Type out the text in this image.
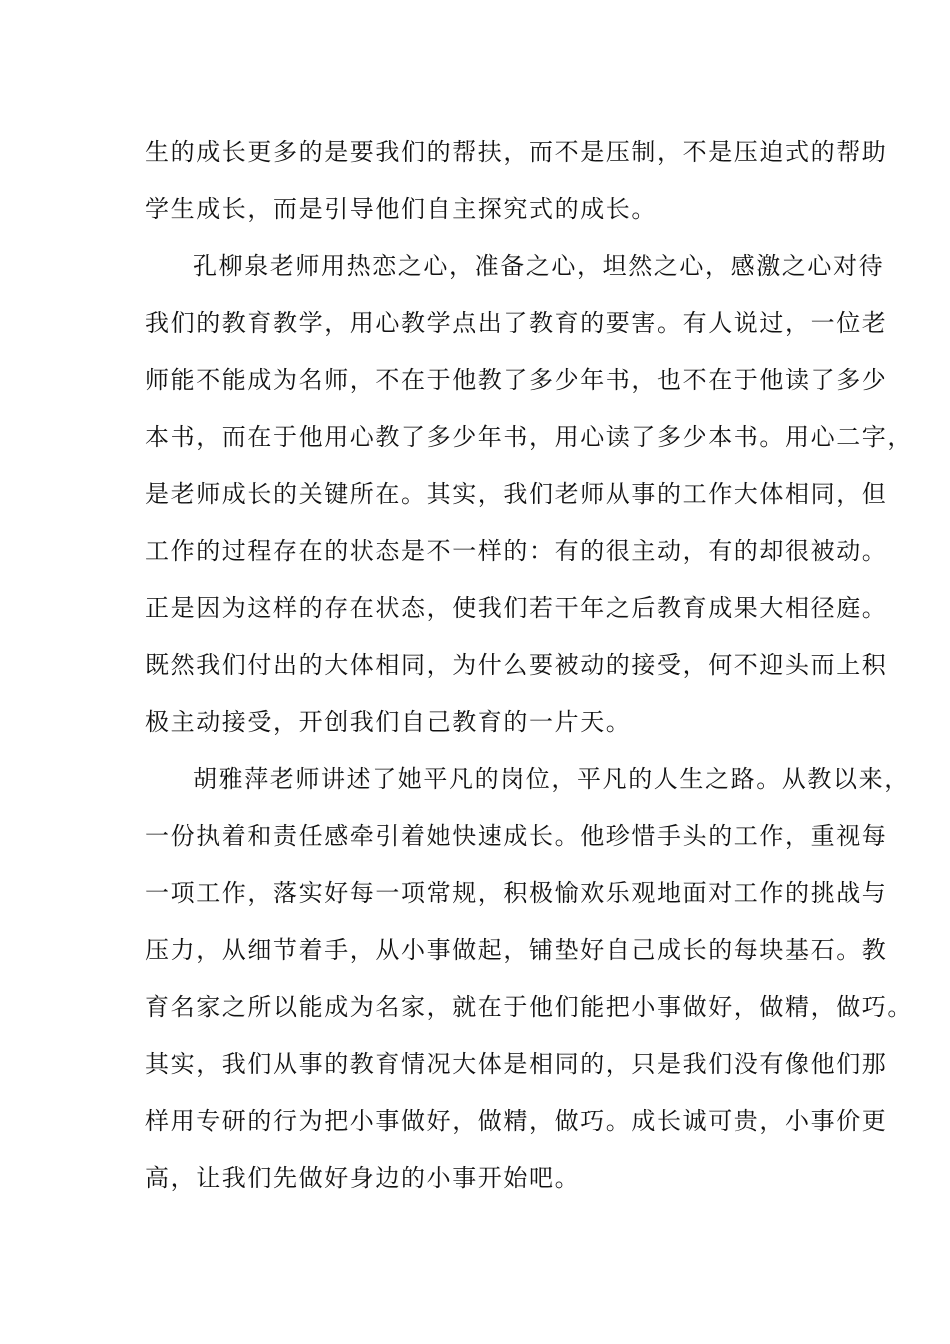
生的成长更多的是要我们的帮扶，而不是压制，不是压迫式的帮助
学生成长，而是引导他们自主探究式的成长。
孔柳泉老师用热恋之心，准备之心，坦然之心，感激之心对待
我们的教育教学，用心教学点出了教育的要害。有人说过，一位老
师能不能成为名师，不在于他教了多少年书，也不在于他读了多少
本书，而在于他用心教了多少年书，用心读了多少本书。用心二字，
是老师成长的关键所在。其实，我们老师从事的工作大体相同，但
工作的过程存在的状态是不一样的：有的很主动，有的却很被动。
正是因为这样的存在状态，使我们若干年之后教育成果大相径庭。
既然我们付出的大体相同，为什么要被动的接受，何不迎头而上积
极主动接受，开创我们自己教育的一片天。
胡雅萍老师讲述了她平凡的岗位，平凡的人生之路。从教以来，
一份执着和责任感牵引着她快速成长。他珍惜手头的工作，重视每
一项工作，落实好每一项常规，积极愉欢乐观地面对工作的挑战与
压力，从细节着手，从小事做起，铺垫好自己成长的每块基石。教
育名家之所以能成为名家，就在于他们能把小事做好，做精，做巧。
其实，我们从事的教育情况大体是相同的，只是我们没有像他们那
样用专研的行为把小事做好，做精，做巧。成长诚可贵，小事价更
高，让我们先做好身边的小事开始吧。
